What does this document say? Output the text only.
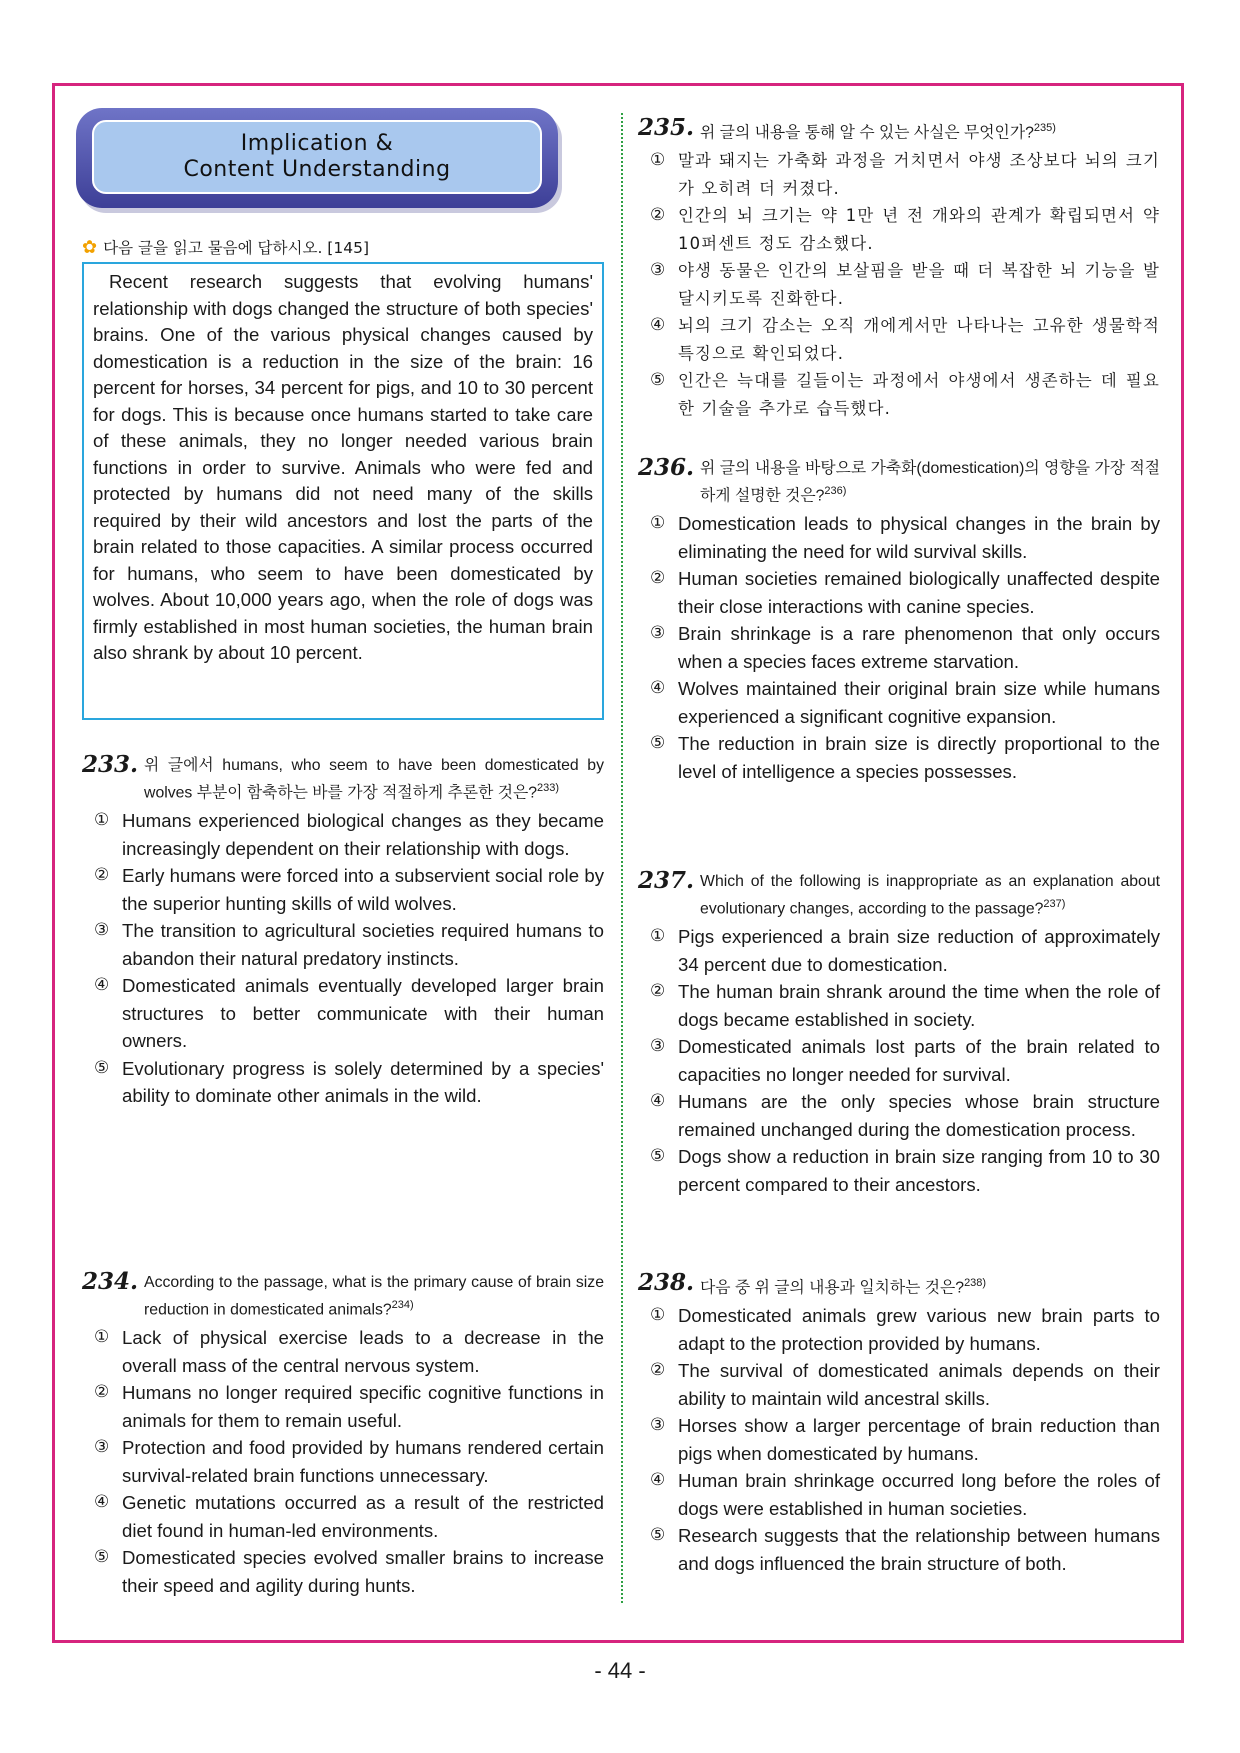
Implication &
Content Understanding
✿ 다음 글을 읽고 물음에 답하시오. [145]
Recent research suggests that evolving humans' relationship with dogs changed the structure of both species' brains. One of the various physical changes caused by domestication is a reduction in the size of the brain: 16 percent for horses, 34 percent for pigs, and 10 to 30 percent for dogs. This is because once humans started to take care of these animals, they no longer needed various brain functions in order to survive. Animals who were fed and protected by humans did not need many of the skills required by their wild ancestors and lost the parts of the brain related to those capacities. A similar process occurred for humans, who seem to have been domesticated by wolves. About 10,000 years ago, when the role of dogs was firmly established in most human societies, the human brain also shrank by about 10 percent.
233. 위 글에서 humans, who seem to have been domesticated by wolves 부분이 함축하는 바를 가장 적절하게 추론한 것은?$^{233)}$
① Humans experienced biological changes as they became increasingly dependent on their relationship with dogs.
② Early humans were forced into a subservient social role by the superior hunting skills of wild wolves.
③ The transition to agricultural societies required humans to abandon their natural predatory instincts.
④ Domesticated animals eventually developed larger brain structures to better communicate with their human owners.
⑤ Evolutionary progress is solely determined by a species' ability to dominate other animals in the wild.
234. According to the passage, what is the primary cause of brain size reduction in domesticated animals?$^{234)}$
① Lack of physical exercise leads to a decrease in the overall mass of the central nervous system.
② Humans no longer required specific cognitive functions in animals for them to remain useful.
③ Protection and food provided by humans rendered certain survival-related brain functions unnecessary.
④ Genetic mutations occurred as a result of the restricted diet found in human-led environments.
⑤ Domesticated species evolved smaller brains to increase their speed and agility during hunts.
235. 위 글의 내용을 통해 알 수 있는 사실은 무엇인가?$^{235)}$
① 말과 돼지는 가축화 과정을 거치면서 야생 조상보다 뇌의 크기가 오히려 더 커졌다.
② 인간의 뇌 크기는 약 1만 년 전 개와의 관계가 확립되면서 약 10퍼센트 정도 감소했다.
③ 야생 동물은 인간의 보살핌을 받을 때 더 복잡한 뇌 기능을 발달시키도록 진화한다.
④ 뇌의 크기 감소는 오직 개에게서만 나타나는 고유한 생물학적 특징으로 확인되었다.
⑤ 인간은 늑대를 길들이는 과정에서 야생에서 생존하는 데 필요한 기술을 추가로 습득했다.
236. 위 글의 내용을 바탕으로 가축화(domestication)의 영향을 가장 적절하게 설명한 것은?$^{236)}$
① Domestication leads to physical changes in the brain by eliminating the need for wild survival skills.
② Human societies remained biologically unaffected despite their close interactions with canine species.
③ Brain shrinkage is a rare phenomenon that only occurs when a species faces extreme starvation.
④ Wolves maintained their original brain size while humans experienced a significant cognitive expansion.
⑤ The reduction in brain size is directly proportional to the level of intelligence a species possesses.
237. Which of the following is inappropriate as an explanation about evolutionary changes, according to the passage?$^{237)}$
① Pigs experienced a brain size reduction of approximately 34 percent due to domestication.
② The human brain shrank around the time when the role of dogs became established in society.
③ Domesticated animals lost parts of the brain related to capacities no longer needed for survival.
④ Humans are the only species whose brain structure remained unchanged during the domestication process.
⑤ Dogs show a reduction in brain size ranging from 10 to 30 percent compared to their ancestors.
238. 다음 중 위 글의 내용과 일치하는 것은?$^{238)}$
① Domesticated animals grew various new brain parts to adapt to the protection provided by humans.
② The survival of domesticated animals depends on their ability to maintain wild ancestral skills.
③ Horses show a larger percentage of brain reduction than pigs when domesticated by humans.
④ Human brain shrinkage occurred long before the roles of dogs were established in human societies.
⑤ Research suggests that the relationship between humans and dogs influenced the brain structure of both.
- 44 -
